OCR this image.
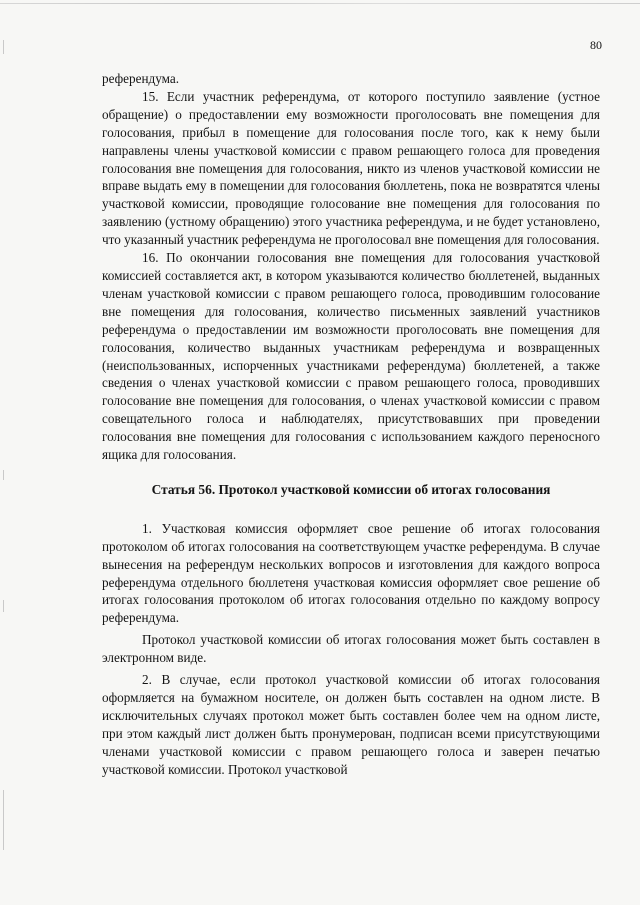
80

референдума.

15. Если участник референдума, от которого поступило заявление (устное обращение) о предоставлении ему возможности проголосовать вне помещения для голосования, прибыл в помещение для голосования после того, как к нему были направлены члены участковой комиссии с правом решающего голоса для проведения голосования вне помещения для голосования, никто из членов участковой комиссии не вправе выдать ему в помещении для голосования бюллетень, пока не возвратятся члены участковой комиссии, проводящие голосование вне помещения для голосования по заявлению (устному обращению) этого участника референдума, и не будет установлено, что указанный участник референдума не проголосовал вне помещения для голосования.

16. По окончании голосования вне помещения для голосования участковой комиссией составляется акт, в котором указываются количество бюллетеней, выданных членам участковой комиссии с правом решающего голоса, проводившим голосование вне помещения для голосования, количество письменных заявлений участников референдума о предоставлении им возможности проголосовать вне помещения для голосования, количество выданных участникам референдума и возвращенных (неиспользованных, испорченных участниками референдума) бюллетеней, а также сведения о членах участковой комиссии с правом решающего голоса, проводивших голосование вне помещения для голосования, о членах участковой комиссии с правом совещательного голоса и наблюдателях, присутствовавших при проведении голосования вне помещения для голосования с использованием каждого переносного ящика для голосования.

Статья 56. Протокол участковой комиссии об итогах голосования

1. Участковая комиссия оформляет свое решение об итогах голосования протоколом об итогах голосования на соответствующем участке референдума. В случае вынесения на референдум нескольких вопросов и изготовления для каждого вопроса референдума отдельного бюллетеня участковая комиссия оформляет свое решение об итогах голосования протоколом об итогах голосования отдельно по каждому вопросу референдума.

Протокол участковой комиссии об итогах голосования может быть составлен в электронном виде.

2. В случае, если протокол участковой комиссии об итогах голосования оформляется на бумажном носителе, он должен быть составлен на одном листе. В исключительных случаях протокол может быть составлен более чем на одном листе, при этом каждый лист должен быть пронумерован, подписан всеми присутствующими членами участковой комиссии с правом решающего голоса и заверен печатью участковой комиссии. Протокол участковой
